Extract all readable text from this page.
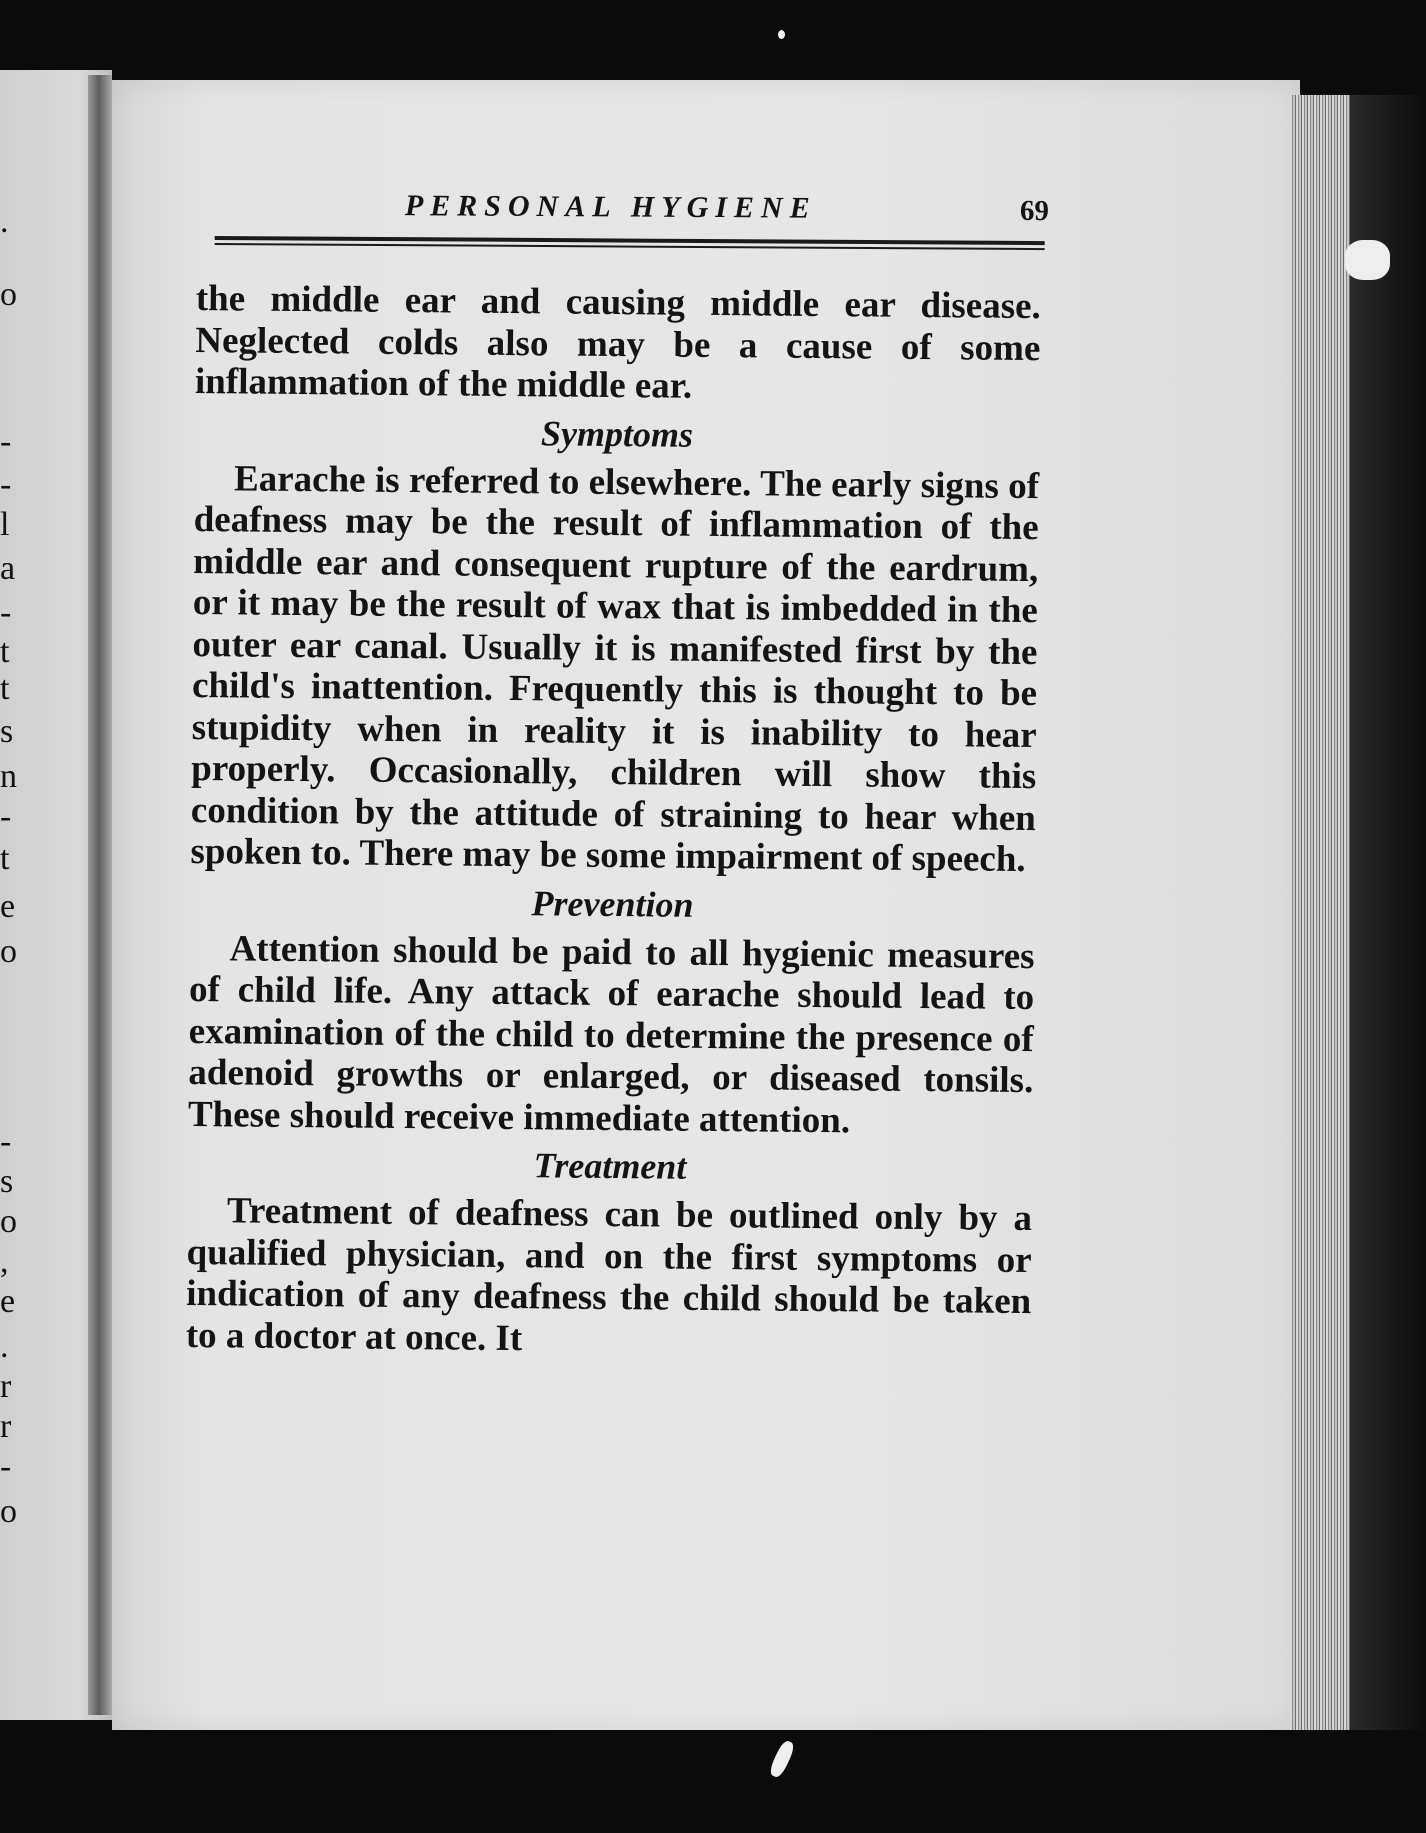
.
o
-
-
l
a
-
t
t
s
n
-
t
e
o
-
s
o
,
e
.
r
r
-
o
PERSONAL HYGIENE	69

the middle ear and causing middle ear disease. Neglected colds also may be a cause of some inflammation of the middle ear.

Symptoms

Earache is referred to elsewhere. The early signs of deafness may be the result of inflammation of the middle ear and consequent rupture of the eardrum, or it may be the result of wax that is imbedded in the outer ear canal. Usually it is manifested first by the child's inattention. Frequently this is thought to be stupidity when in reality it is inability to hear properly. Occasionally, children will show this condition by the attitude of straining to hear when spoken to. There may be some impairment of speech.

Prevention

Attention should be paid to all hygienic measures of child life. Any attack of earache should lead to examination of the child to determine the presence of adenoid growths or enlarged, or diseased tonsils. These should receive immediate attention.

Treatment

Treatment of deafness can be outlined only by a qualified physician, and on the first symptoms or indication of any deafness the child should be taken to a doctor at once. It
